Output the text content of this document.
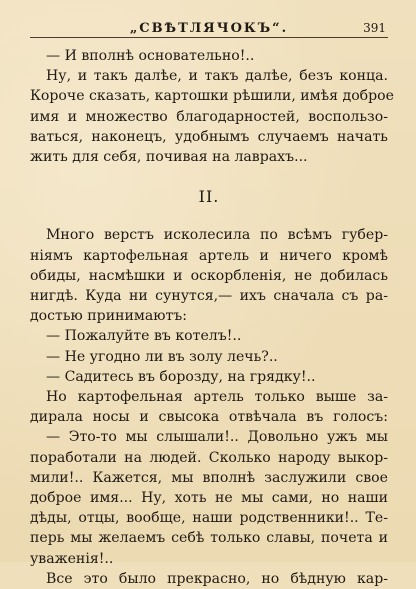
„СВѢТЛЯЧОКЪ“.	391
— И вполнѣ основательно!..
Ну, и такъ далѣе, и такъ далѣе, безъ конца.
Короче сказать, картошки рѣшили, имѣя доброе
имя и множество благодарностей, воспользо-
ваться, наконецъ, удобнымъ случаемъ начать
жить для себя, почивая на лаврахъ...
II.
Много верстъ исколесила по всѣмъ губер-
ніямъ картофельная артель и ничего кромѣ
обиды, насмѣшки и оскорбленія, не добилась
нигдѣ. Куда ни сунутся,— ихъ сначала съ ра-
достью принимаютъ:
— Пожалуйте въ котелъ!..
— Не угодно ли въ золу лечь?..
— Садитесь въ борозду, на грядку!..
Но картофельная артель только выше за-
дирала носы и свысока отвѣчала въ голосъ:
— Это-то мы слышали!.. Довольно ужъ мы
поработали на людей. Сколько народу выкор-
мили!.. Кажется, мы вполнѣ заслужили свое
доброе имя... Ну, хоть не мы сами, но наши
дѣды, отцы, вообще, наши родственники!.. Те-
перь мы желаемъ себѣ только славы, почета и
уваженія!..
Все это было прекрасно, но бѣдную кар-
